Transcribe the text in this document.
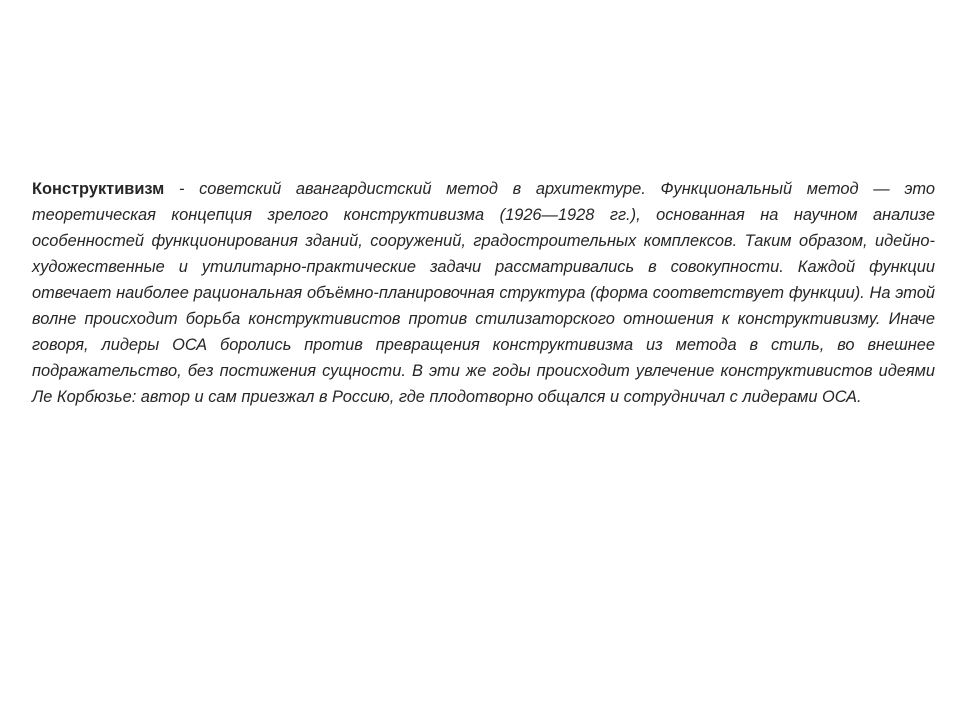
Конструктивизм - советский авангардистский метод в архитектуре. Функциональный метод — это теоретическая концепция зрелого конструктивизма (1926—1928 гг.), основанная на научном анализе особенностей функционирования зданий, сооружений, градостроительных комплексов. Таким образом, идейно-художественные и утилитарно-практические задачи рассматривались в совокупности. Каждой функции отвечает наиболее рациональная объёмно-планировочная структура (форма соответствует функции). На этой волне происходит борьба конструктивистов против стилизаторского отношения к конструктивизму. Иначе говоря, лидеры ОСА боролись против превращения конструктивизма из метода в стиль, во внешнее подражательство, без постижения сущности. В эти же годы происходит увлечение конструктивистов идеями Ле Корбюзье: автор и сам приезжал в Россию, где плодотворно общался и сотрудничал с лидерами ОСА.
